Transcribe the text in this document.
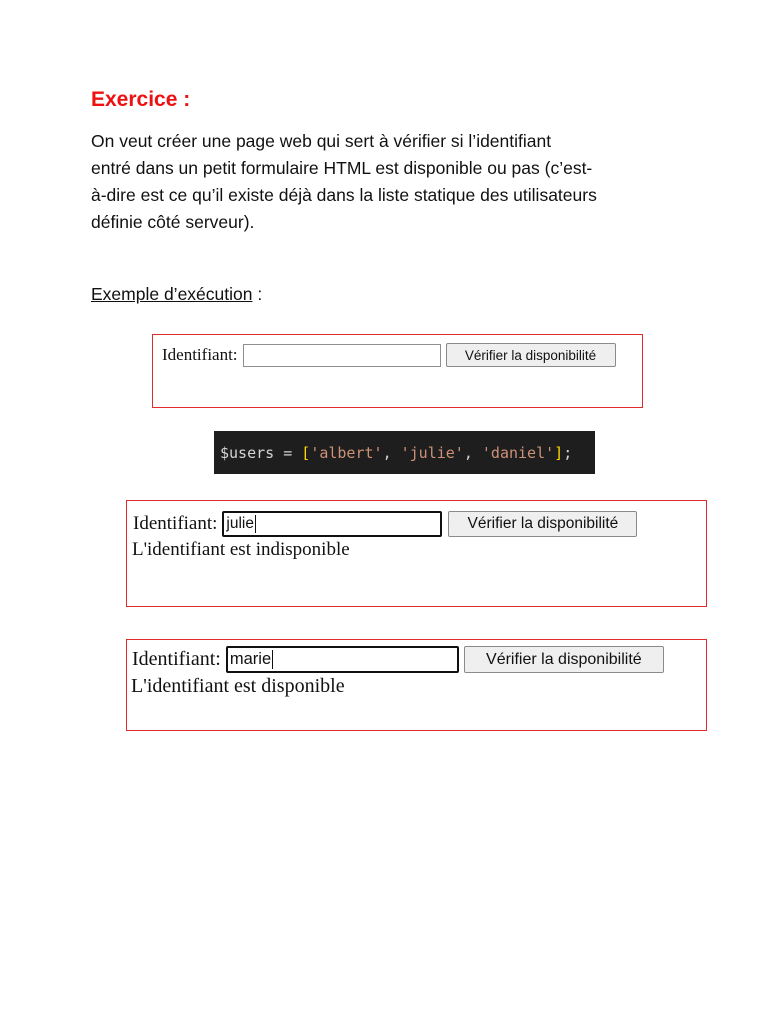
Exercice :
On veut créer une page web qui sert à vérifier si l’identifiant
entré dans un petit formulaire HTML est disponible ou pas (c’est-
à-dire est ce qu’il existe déjà dans la liste statique des utilisateurs
définie côté serveur).
Exemple d’exécution :
Identifiant:	Vérifier la disponibilité
$users = [ 'albert' , 'julie' , 'daniel' ] ;
Identifiant: julie	Vérifier la disponibilité
L'identifiant est indisponible
Identifiant: marie	Vérifier la disponibilité
L'identifiant est disponible
